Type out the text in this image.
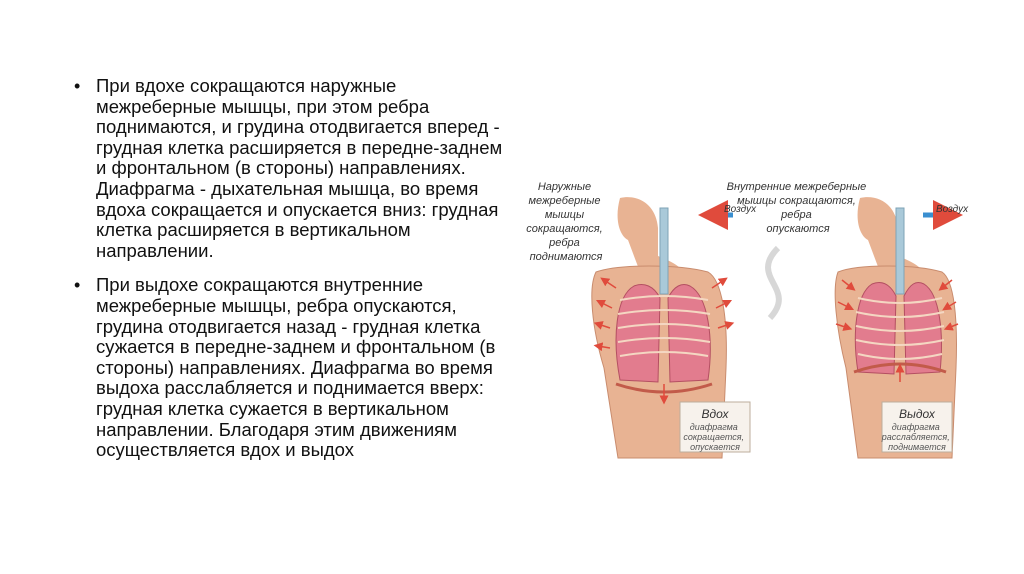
• При вдохе сокращаются наружные межреберные мышцы, при этом ребра поднимаются, и грудина отодвигается вперед - грудная клетка расширяется в передне-заднем и фронтальном (в стороны) направлениях. Диафрагма - дыхательная мышца, во время вдоха сокращается и опускается вниз: грудная клетка расширяется в вертикальном направлении.
• При выдохе сокращаются внутренние межреберные мышцы, ребра опускаются, грудина отодвигается назад - грудная клетка сужается в передне-заднем и фронтальном (в стороны) направлениях. Диафрагма во время выдоха расслабляется и поднимается вверх: грудная клетка сужается в вертикальном направлении. Благодаря этим движениям осуществляется вдох и выдох
Воздух
Наружные межреберные мышцы сокращаются, ребра поднимаются
Вдох
диафрагма сокращается, опускается
Воздух
Внутренние межреберные мышцы сокращаются, ребра опускаются
Выдох
диафрагма расслабляется, поднимается
